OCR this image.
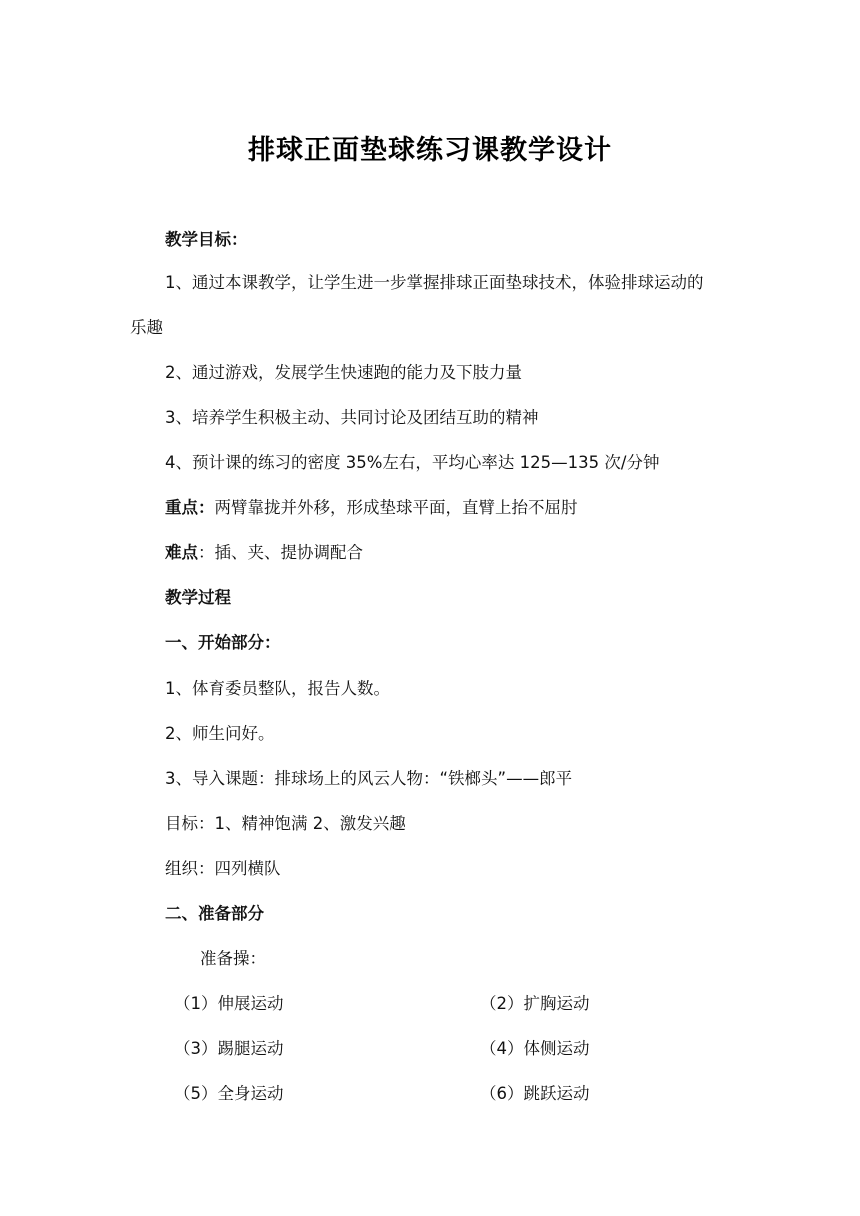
排球正面垫球练习课教学设计
教学目标：
1、通过本课教学，让学生进一步掌握排球正面垫球技术，体验排球运动的
乐趣
2、通过游戏，发展学生快速跑的能力及下肢力量
3、培养学生积极主动、共同讨论及团结互助的精神
4、预计课的练习的密度 35%左右，平均心率达 125—135 次/分钟
重点：两臂靠拢并外移，形成垫球平面，直臂上抬不屈肘
难点：插、夹、提协调配合
教学过程
一、开始部分：
1、体育委员整队，报告人数。
2、师生问好。
3、导入课题：排球场上的风云人物：“铁榔头”——郎平
目标：1、精神饱满 2、激发兴趣
组织：四列横队
二、准备部分
准备操：
（1）伸展运动	（2）扩胸运动
（3）踢腿运动	（4）体侧运动
（5）全身运动	（6）跳跃运动
